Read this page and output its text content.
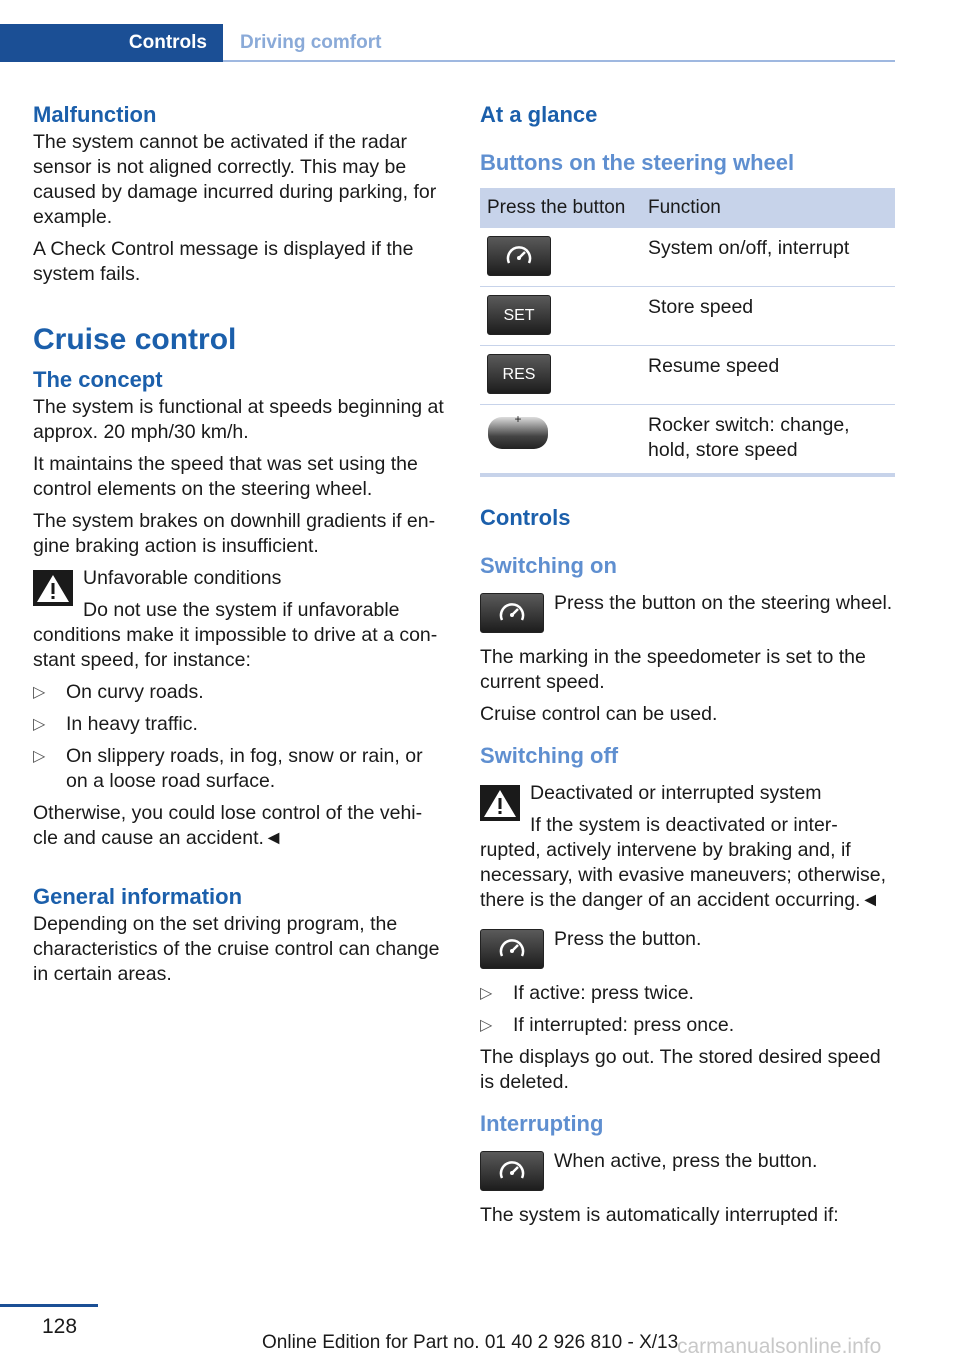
Controls	Driving comfort
Malfunction

The system cannot be activated if the radar sensor is not aligned correctly. This may be caused by damage incurred during parking, for example.

A Check Control message is displayed if the system fails.

Cruise control
The concept

The system is functional at speeds beginning at approx. 20 mph/30 km/h.

It maintains the speed that was set using the control elements on the steering wheel.

The system brakes on downhill gradients if en‐gine braking action is insufficient.

Unfavorable conditions
Do not use the system if unfavorable conditions make it impossible to drive at a con‐stant speed, for instance:
▷ On curvy roads.
▷ In heavy traffic.
▷ On slippery roads, in fog, snow or rain, or on a loose road surface.

Otherwise, you could lose control of the vehi‐cle and cause an accident.◄

General information

Depending on the set driving program, the characteristics of the cruise control can change in certain areas.

At a glance
Buttons on the steering wheel
Press the button	Function

	System on/off, interrupt

SET	Store speed

RES	Resume speed

+	Rocker switch: change, hold, store speed
Controls
Switching on

Press the button on the steering wheel.

The marking in the speedometer is set to the current speed.

Cruise control can be used.

Switching off
Deactivated or interrupted system
If the system is deactivated or inter‐rupted, actively intervene by braking and, if necessary, with evasive maneuvers; otherwise, there is the danger of an accident occurring.◄

Press the button.

▷ If active: press twice.
▷ If interrupted: press once.

The displays go out. The stored desired speed is deleted.

Interrupting

When active, press the button.

The system is automatically interrupted if:

128
Online Edition for Part no. 01 40 2 926 810 - X/13
carmanualsonline.info
